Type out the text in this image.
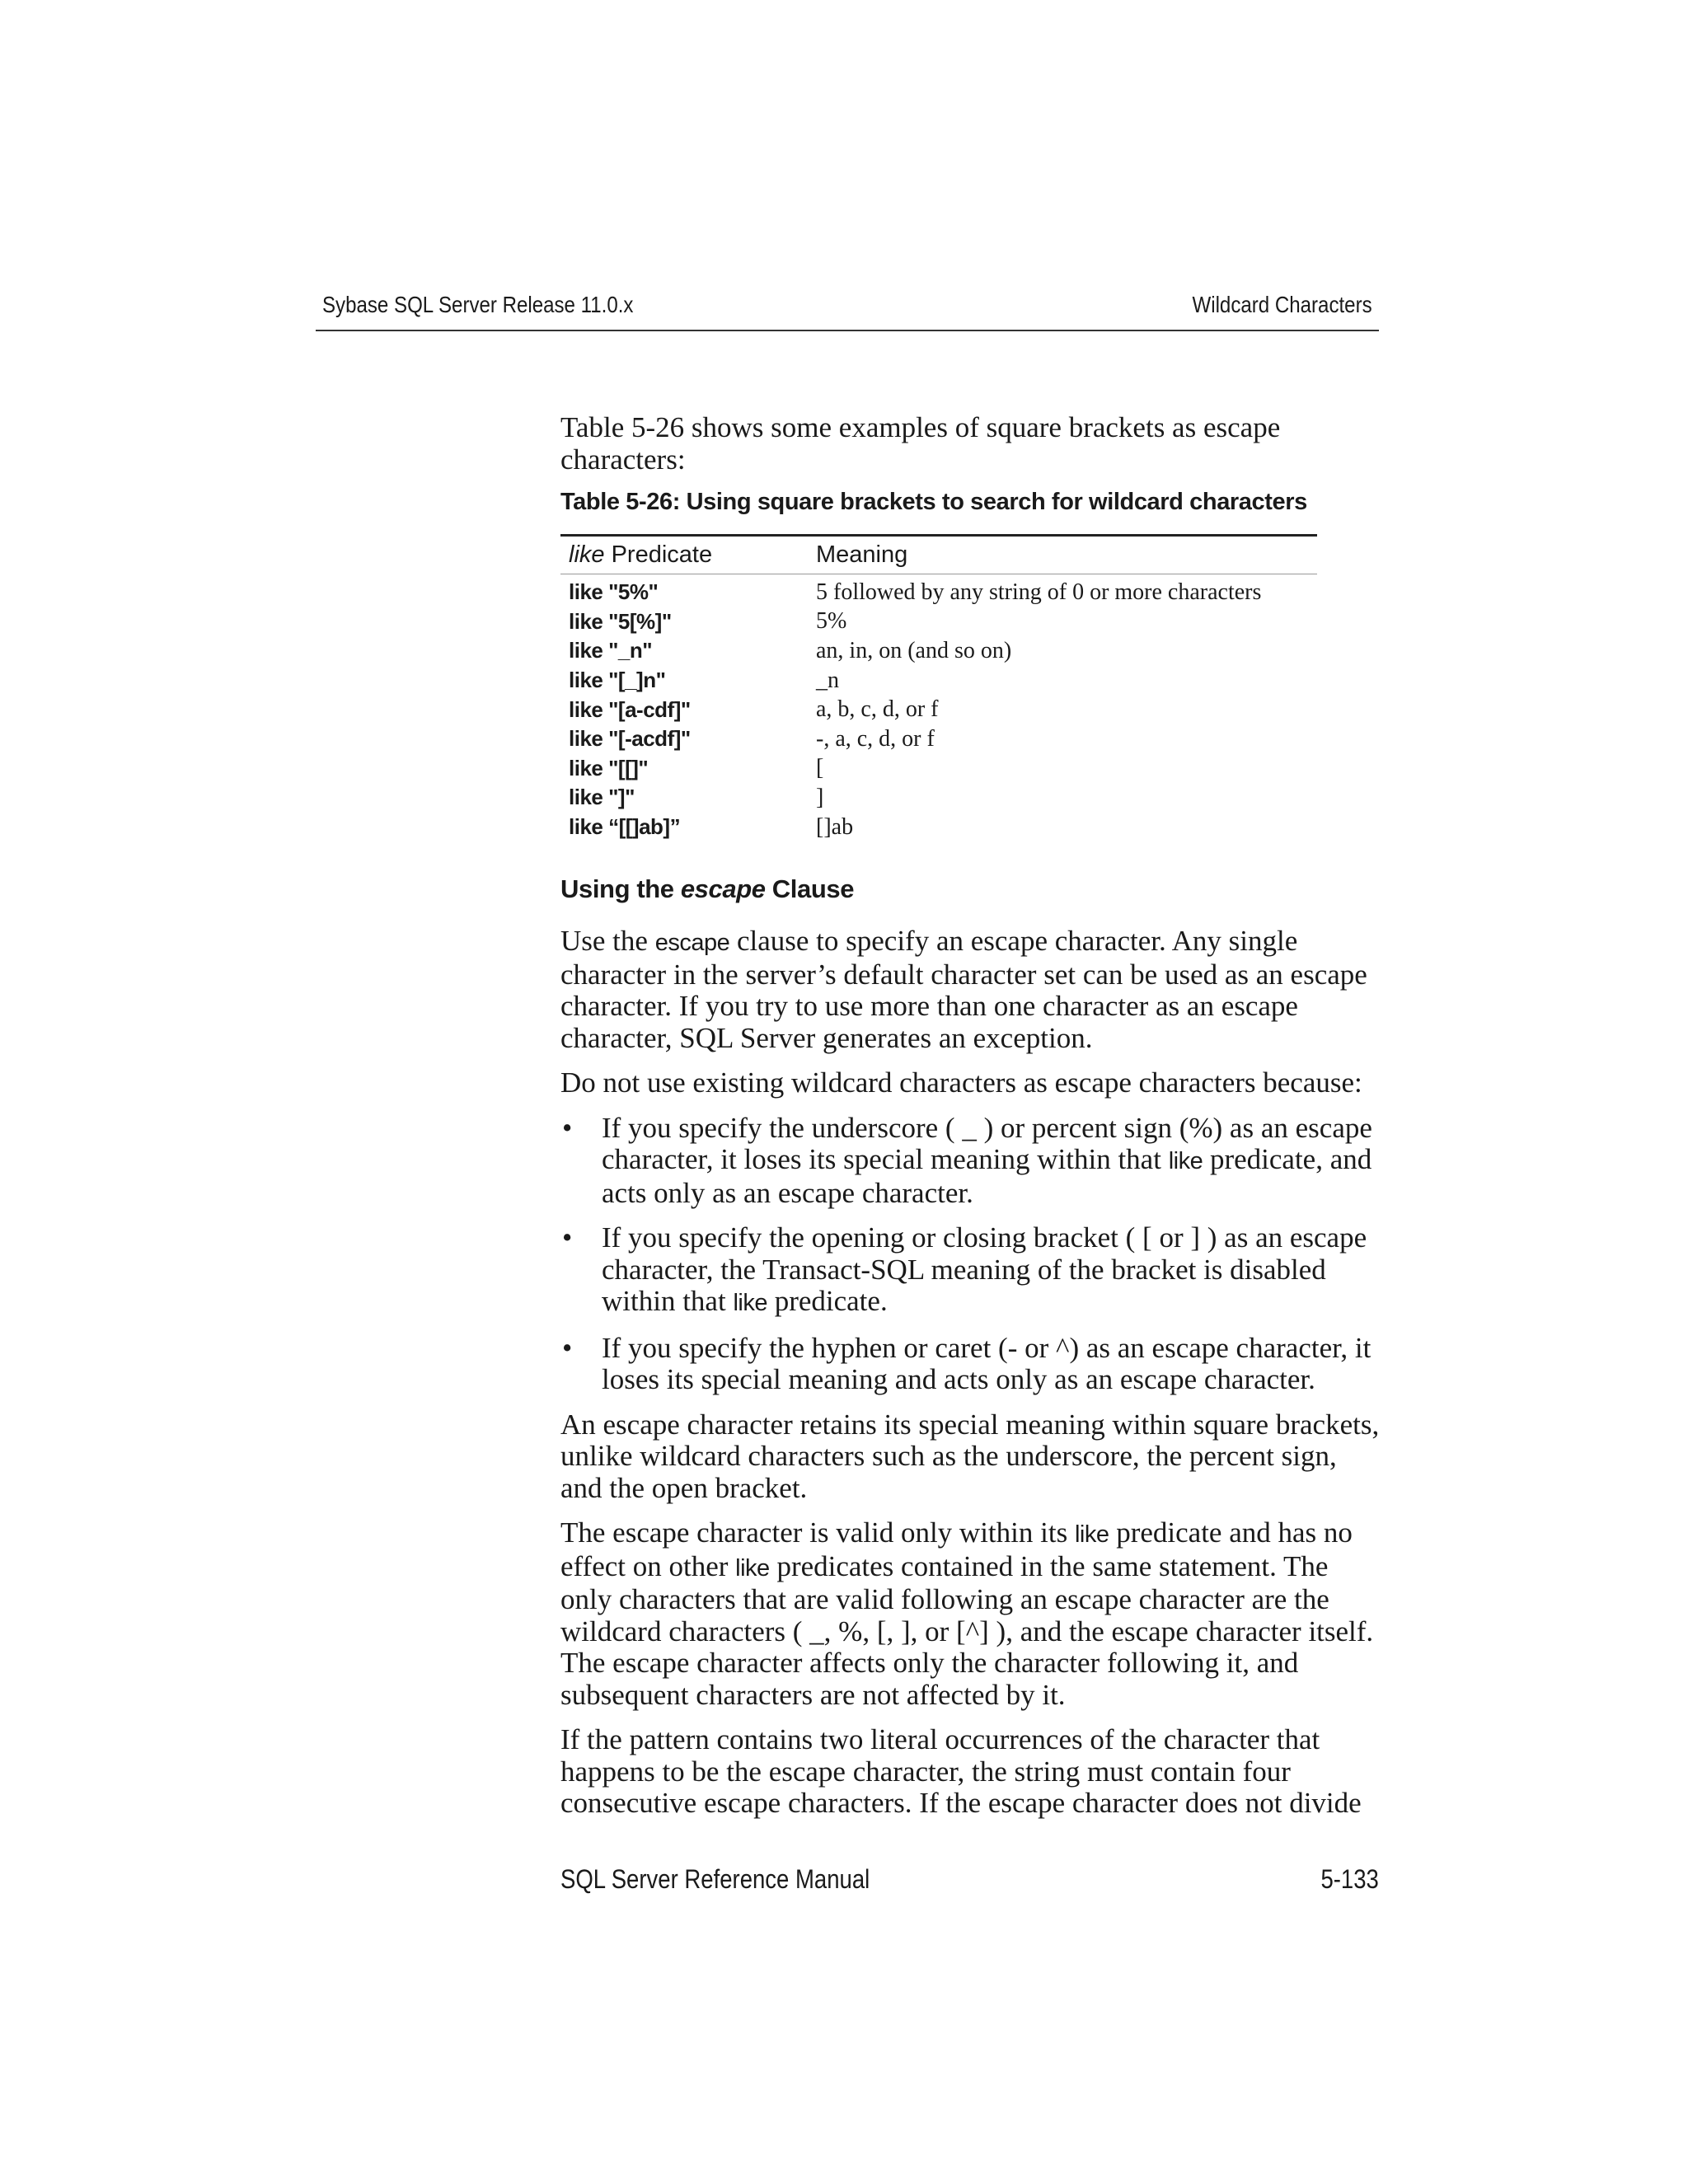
Sybase SQL Server Release 11.0.x	Wildcard Characters

Table 5-26 shows some examples of square brackets as escape characters:

Table 5-26: Using square brackets to search for wildcard characters
like Predicate	Meaning
like "5%"	5 followed by any string of 0 or more characters
like "5[%]"	5%
like "_n"	an, in, on (and so on)
like "[_]n"	_n
like "[a-cdf]"	a, b, c, d, or f
like "[-acdf]"	-, a, c, d, or f
like "[[]"	[
like "]"	]
like “[[]ab]”	[]ab
Using the escape Clause

Use the escape clause to specify an escape character. Any single character in the server’s default character set can be used as an escape character. If you try to use more than one character as an escape character, SQL Server generates an exception.

Do not use existing wildcard characters as escape characters because:

• If you specify the underscore ( _ ) or percent sign (%) as an escape character, it loses its special meaning within that like predicate, and acts only as an escape character.
• If you specify the opening or closing bracket ( [ or ] ) as an escape character, the Transact-SQL meaning of the bracket is disabled within that like predicate.
• If you specify the hyphen or caret (- or ^) as an escape character, it loses its special meaning and acts only as an escape character.

An escape character retains its special meaning within square brackets, unlike wildcard characters such as the underscore, the percent sign, and the open bracket.

The escape character is valid only within its like predicate and has no effect on other like predicates contained in the same statement. The only characters that are valid following an escape character are the wildcard characters ( _, %, [, ], or [^] ), and the escape character itself. The escape character affects only the character following it, and subsequent characters are not affected by it.

If the pattern contains two literal occurrences of the character that happens to be the escape character, the string must contain four consecutive escape characters. If the escape character does not divide

SQL Server Reference Manual	5-133
